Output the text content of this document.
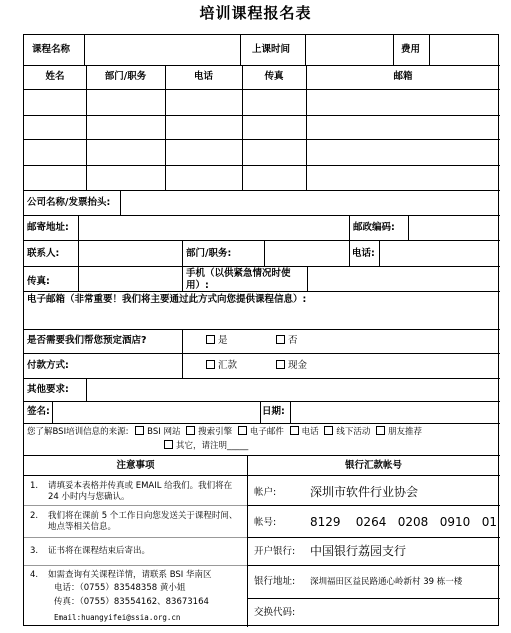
培训课程报名表
课程名称	上课时间	费用
姓名	部门/职务	电话	传真	邮箱
公司名称/发票抬头:
邮寄地址:	邮政编码:
联系人:	部门/职务:	电话:
传真:
手机（以供紧急情况时使用）:
电子邮箱（非常重要！我们将主要通过此方式向您提供课程信息）:
是否需要我们帮您预定酒店?	是	否
付款方式:	汇款	现金
其他要求:
签名:	日期:
您了解BSI培训信息的来源: BSI 网站 搜索引擎 电子邮件 电话 线下活动 朋友推荐
其它，请注明_____
注意事项	银行汇款帐号
1. 请填妥本表格并传真或 EMAIL 给我们。我们将在 24 小时内与您确认。
2. 我们将在课前 5 个工作日向您发送关于课程时间、地点等相关信息。
3. 证书将在课程结束后寄出。
4. 如需查询有关课程详情，请联系 BSI 华南区
电话：（0755）83548358 黄小姐
传真：（0755）83554162、83673164
Email:huangyifei@ssia.org.cn
帐户:	深圳市软件行业协会
帐号:	8129    0264   0208   0910   01
开户银行: 中国银行荔园支行
银行地址: 深圳福田区益民路通心岭新村 39 栋一楼
交换代码:
